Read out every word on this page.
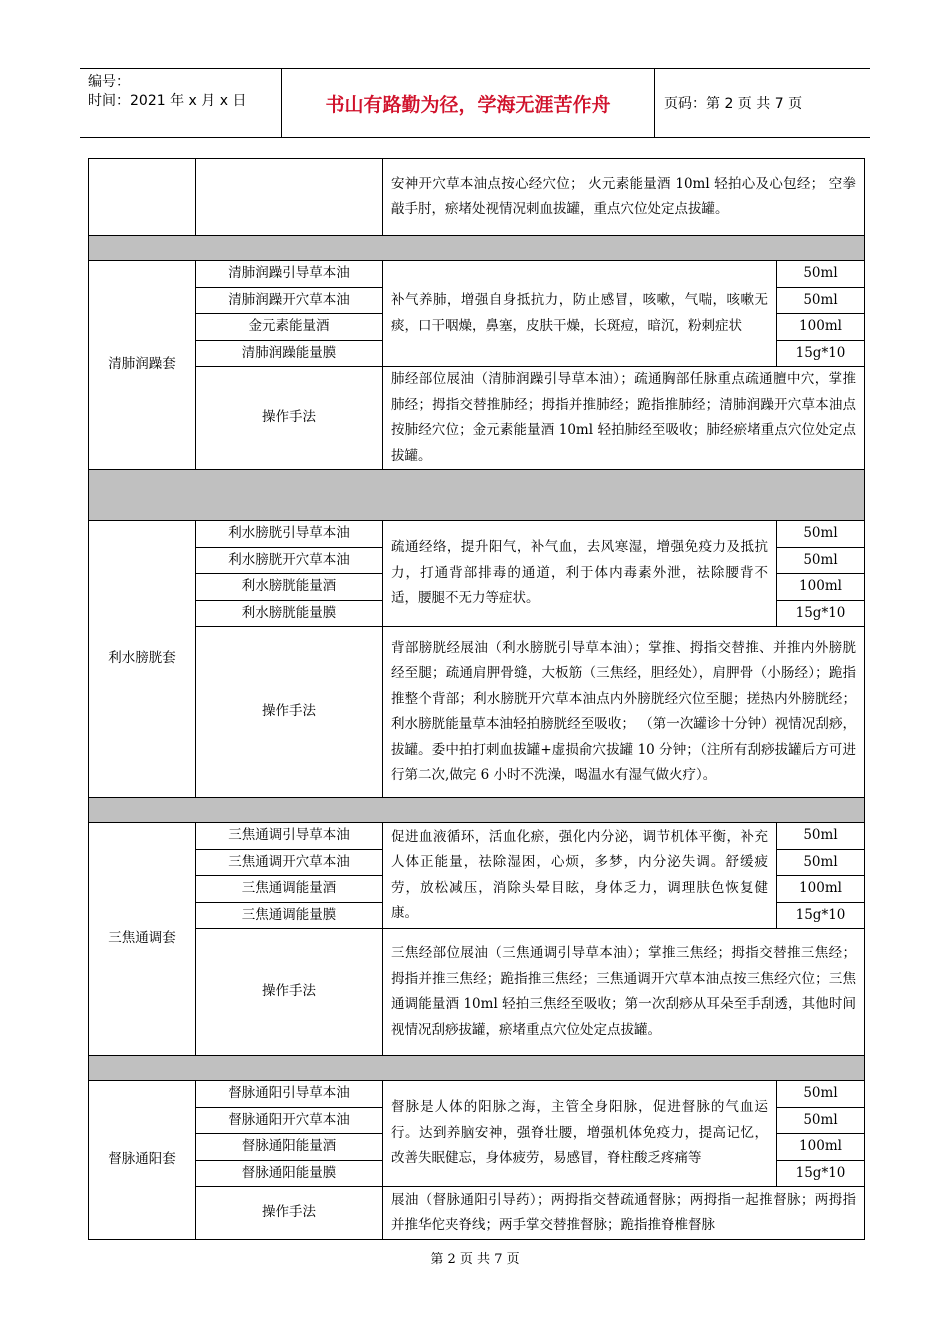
编号：
时间：2021 年 x 月 x 日	书山有路勤为径，学海无涯苦作舟	页码：第 2 页 共 7 页
		安神开穴草本油点按心经穴位； 火元素能量酒 10ml 轻拍心及心包经； 空拳敲手肘，瘀堵处视情况刺血拔罐，重点穴位处定点拔罐。	

清肺润躁套	清肺润躁引导草本油	补气养肺，增强自身抵抗力，防止感冒，咳嗽，气喘，咳嗽无痰，口干咽燥，鼻塞，皮肤干燥，长斑痘，暗沉，粉刺症状	50ml
	清肺润躁开穴草本油		50ml
	金元素能量酒		100ml
	清肺润躁能量膜		15g*10
	操作手法	肺经部位展油（清肺润躁引导草本油）；疏通胸部任脉重点疏通膻中穴，掌推肺经；拇指交替推肺经；拇指并推肺经；跪指推肺经；清肺润躁开穴草本油点按肺经穴位；金元素能量酒 10ml 轻拍肺经至吸收；肺经瘀堵重点穴位处定点拔罐。	

利水膀胱套	利水膀胱引导草本油	疏通经络，提升阳气，补气血，去风寒湿，增强免疫力及抵抗力，打通背部排毒的通道，利于体内毒素外泄，祛除腰背不适，腰腿不无力等症状。	50ml
	利水膀胱开穴草本油		50ml
	利水膀胱能量酒		100ml
	利水膀胱能量膜		15g*10
	操作手法	背部膀胱经展油（利水膀胱引导草本油）；掌推、拇指交替推、并推内外膀胱经至腿；疏通肩胛骨缝，大板筋（三焦经，胆经处），肩胛骨（小肠经）；跪指推整个背部；利水膀胱开穴草本油点内外膀胱经穴位至腿；搓热内外膀胱经；利水膀胱能量草本油轻拍膀胱经至吸收； （第一次罐诊十分钟）视情况刮痧，拔罐。委中拍打刺血拔罐+虚损俞穴拔罐 10 分钟；（注所有刮痧拔罐后方可进行第二次,做完 6 小时不洗澡，喝温水有湿气做火疗）。	

三焦通调套	三焦通调引导草本油	促进血液循环，活血化瘀，强化内分泌，调节机体平衡，补充人体正能量，祛除湿困，心烦，多梦，内分泌失调。舒缓疲劳，放松减压，消除头晕目眩，身体乏力，调理肤色恢复健康。	50ml
	三焦通调开穴草本油		50ml
	三焦通调能量酒		100ml
	三焦通调能量膜		15g*10
	操作手法	三焦经部位展油（三焦通调引导草本油）；掌推三焦经；拇指交替推三焦经；拇指并推三焦经；跪指推三焦经；三焦通调开穴草本油点按三焦经穴位；三焦通调能量酒 10ml 轻拍三焦经至吸收；第一次刮痧从耳朵至手刮透，其他时间视情况刮痧拔罐，瘀堵重点穴位处定点拔罐。	

督脉通阳套	督脉通阳引导草本油	督脉是人体的阳脉之海，主管全身阳脉，促进督脉的气血运行。达到养脑安神，强脊壮腰，增强机体免疫力，提高记忆，改善失眠健忘，身体疲劳，易感冒，脊柱酸乏疼痛等	50ml
	督脉通阳开穴草本油		50ml
	督脉通阳能量酒		100ml
	督脉通阳能量膜		15g*10
	操作手法	展油（督脉通阳引导药）；两拇指交替疏通督脉；两拇指一起推督脉；两拇指并推华佗夹脊线；两手掌交替推督脉；跪指推脊椎督脉	
第 2 页 共 7 页
